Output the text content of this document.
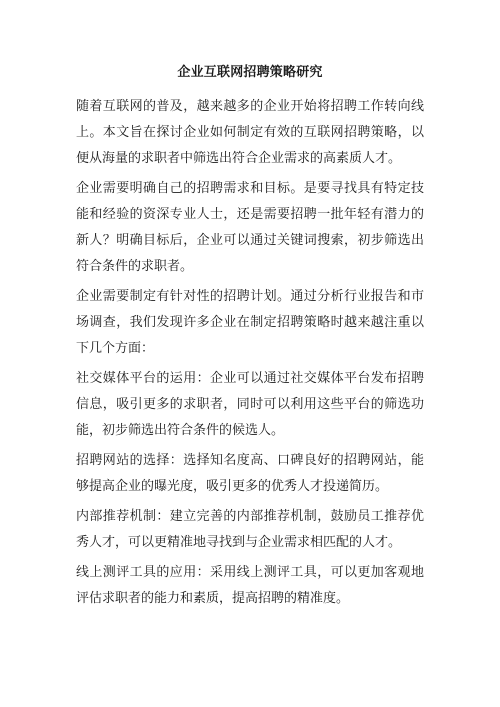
企业互联网招聘策略研究

随着互联网的普及，越来越多的企业开始将招聘工作转向线上。本文旨在探讨企业如何制定有效的互联网招聘策略，以便从海量的求职者中筛选出符合企业需求的高素质人才。

企业需要明确自己的招聘需求和目标。是要寻找具有特定技能和经验的资深专业人士，还是需要招聘一批年轻有潜力的新人？明确目标后，企业可以通过关键词搜索，初步筛选出符合条件的求职者。

企业需要制定有针对性的招聘计划。通过分析行业报告和市场调查，我们发现许多企业在制定招聘策略时越来越注重以下几个方面：

社交媒体平台的运用：企业可以通过社交媒体平台发布招聘信息，吸引更多的求职者，同时可以利用这些平台的筛选功能，初步筛选出符合条件的候选人。

招聘网站的选择：选择知名度高、口碑良好的招聘网站，能够提高企业的曝光度，吸引更多的优秀人才投递简历。

内部推荐机制：建立完善的内部推荐机制，鼓励员工推荐优秀人才，可以更精准地寻找到与企业需求相匹配的人才。

线上测评工具的应用：采用线上测评工具，可以更加客观地评估求职者的能力和素质，提高招聘的精准度。
